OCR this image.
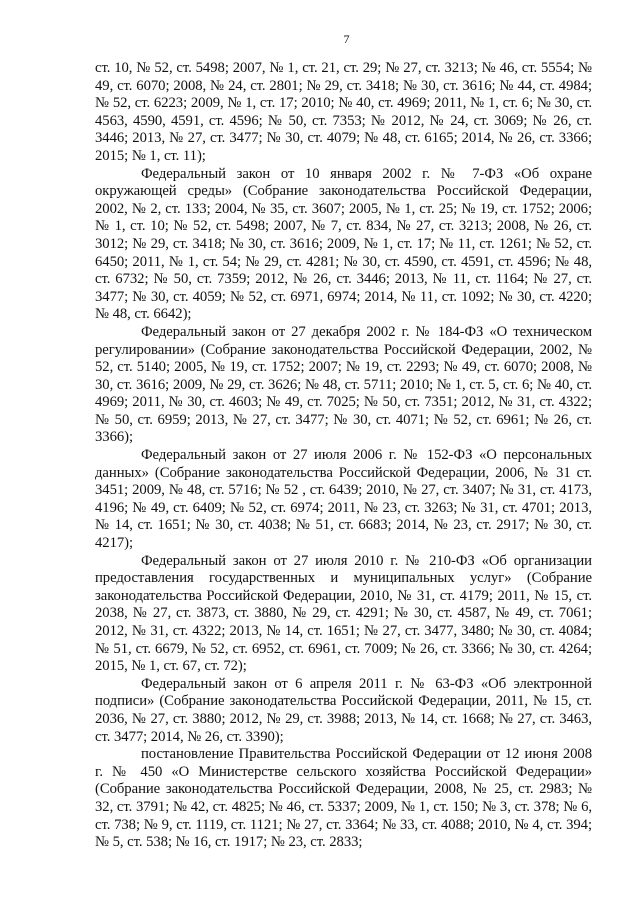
7

ст. 10, № 52, ст. 5498; 2007, № 1, ст. 21, ст. 29; № 27, ст. 3213; № 46, ст. 5554; № 49, ст. 6070; 2008, № 24, ст. 2801; № 29, ст. 3418; № 30, ст. 3616; № 44, ст. 4984; № 52, ст. 6223; 2009, № 1, ст. 17; 2010; № 40, ст. 4969; 2011, № 1, ст. 6; № 30, ст. 4563, 4590, 4591, ст. 4596; № 50, ст. 7353; № 2012, № 24, ст. 3069; № 26, ст. 3446; 2013, № 27, ст. 3477; № 30, ст. 4079; № 48, ст. 6165; 2014, № 26, ст. 3366; 2015; № 1, ст. 11);

Федеральный закон от 10 января 2002 г. № 7-ФЗ «Об охране окружающей среды» (Собрание законодательства Российской Федерации, 2002, № 2, ст. 133; 2004, № 35, ст. 3607; 2005, № 1, ст. 25; № 19, ст. 1752; 2006; № 1, ст. 10; № 52, ст. 5498; 2007, № 7, ст. 834, № 27, ст. 3213; 2008, № 26, ст. 3012; № 29, ст. 3418; № 30, ст. 3616; 2009, № 1, ст. 17; № 11, ст. 1261; № 52, ст. 6450; 2011, № 1, ст. 54; № 29, ст. 4281; № 30, ст. 4590, ст. 4591, ст. 4596; № 48, ст. 6732; № 50, ст. 7359; 2012, № 26, ст. 3446; 2013, № 11, ст. 1164; № 27, ст. 3477; № 30, ст. 4059; № 52, ст. 6971, 6974; 2014, № 11, ст. 1092; № 30, ст. 4220; № 48, ст. 6642);

Федеральный закон от 27 декабря 2002 г. № 184-ФЗ «О техническом регулировании» (Собрание законодательства Российской Федерации, 2002, № 52, ст. 5140; 2005, № 19, ст. 1752; 2007; № 19, ст. 2293; № 49, ст. 6070; 2008, № 30, ст. 3616; 2009, № 29, ст. 3626; № 48, ст. 5711; 2010; № 1, ст. 5, ст. 6; № 40, ст. 4969; 2011, № 30, ст. 4603; № 49, ст. 7025; № 50, ст. 7351; 2012, № 31, ст. 4322; № 50, ст. 6959; 2013, № 27, ст. 3477; № 30, ст. 4071; № 52, ст. 6961; № 26, ст. 3366);

Федеральный закон от 27 июля 2006 г. № 152-ФЗ «О персональных данных» (Собрание законодательства Российской Федерации, 2006, № 31 ст. 3451; 2009, № 48, ст. 5716; № 52 , ст. 6439; 2010, № 27, ст. 3407; № 31, ст. 4173, 4196; № 49, ст. 6409; № 52, ст. 6974; 2011, № 23, ст. 3263; № 31, ст. 4701; 2013, № 14, ст. 1651; № 30, ст. 4038; № 51, ст. 6683; 2014, № 23, ст. 2917; № 30, ст. 4217);

Федеральный закон от 27 июля 2010 г. № 210-ФЗ «Об организации предоставления государственных и муниципальных услуг» (Собрание законодательства Российской Федерации, 2010, № 31, ст. 4179; 2011, № 15, ст. 2038, № 27, ст. 3873, ст. 3880, № 29, ст. 4291; № 30, ст. 4587, № 49, ст. 7061; 2012, № 31, ст. 4322; 2013, № 14, ст. 1651; № 27, ст. 3477, 3480; № 30, ст. 4084; № 51, ст. 6679, № 52, ст. 6952, ст. 6961, ст. 7009; № 26, ст. 3366; № 30, ст. 4264; 2015, № 1, ст. 67, ст. 72);

Федеральный закон от 6 апреля 2011 г. № 63-ФЗ «Об электронной подписи» (Собрание законодательства Российской Федерации, 2011, № 15, ст. 2036, № 27, ст. 3880; 2012, № 29, ст. 3988; 2013, № 14, ст. 1668; № 27, ст. 3463, ст. 3477; 2014, № 26, ст. 3390);

постановление Правительства Российской Федерации от 12 июня 2008 г. № 450 «О Министерстве сельского хозяйства Российской Федерации» (Собрание законодательства Российской Федерации, 2008, № 25, ст. 2983; № 32, ст. 3791; № 42, ст. 4825; № 46, ст. 5337; 2009, № 1, ст. 150; № 3, ст. 378; № 6, ст. 738; № 9, ст. 1119, ст. 1121; № 27, ст. 3364; № 33, ст. 4088; 2010, № 4, ст. 394; № 5, ст. 538; № 16, ст. 1917; № 23, ст. 2833;
